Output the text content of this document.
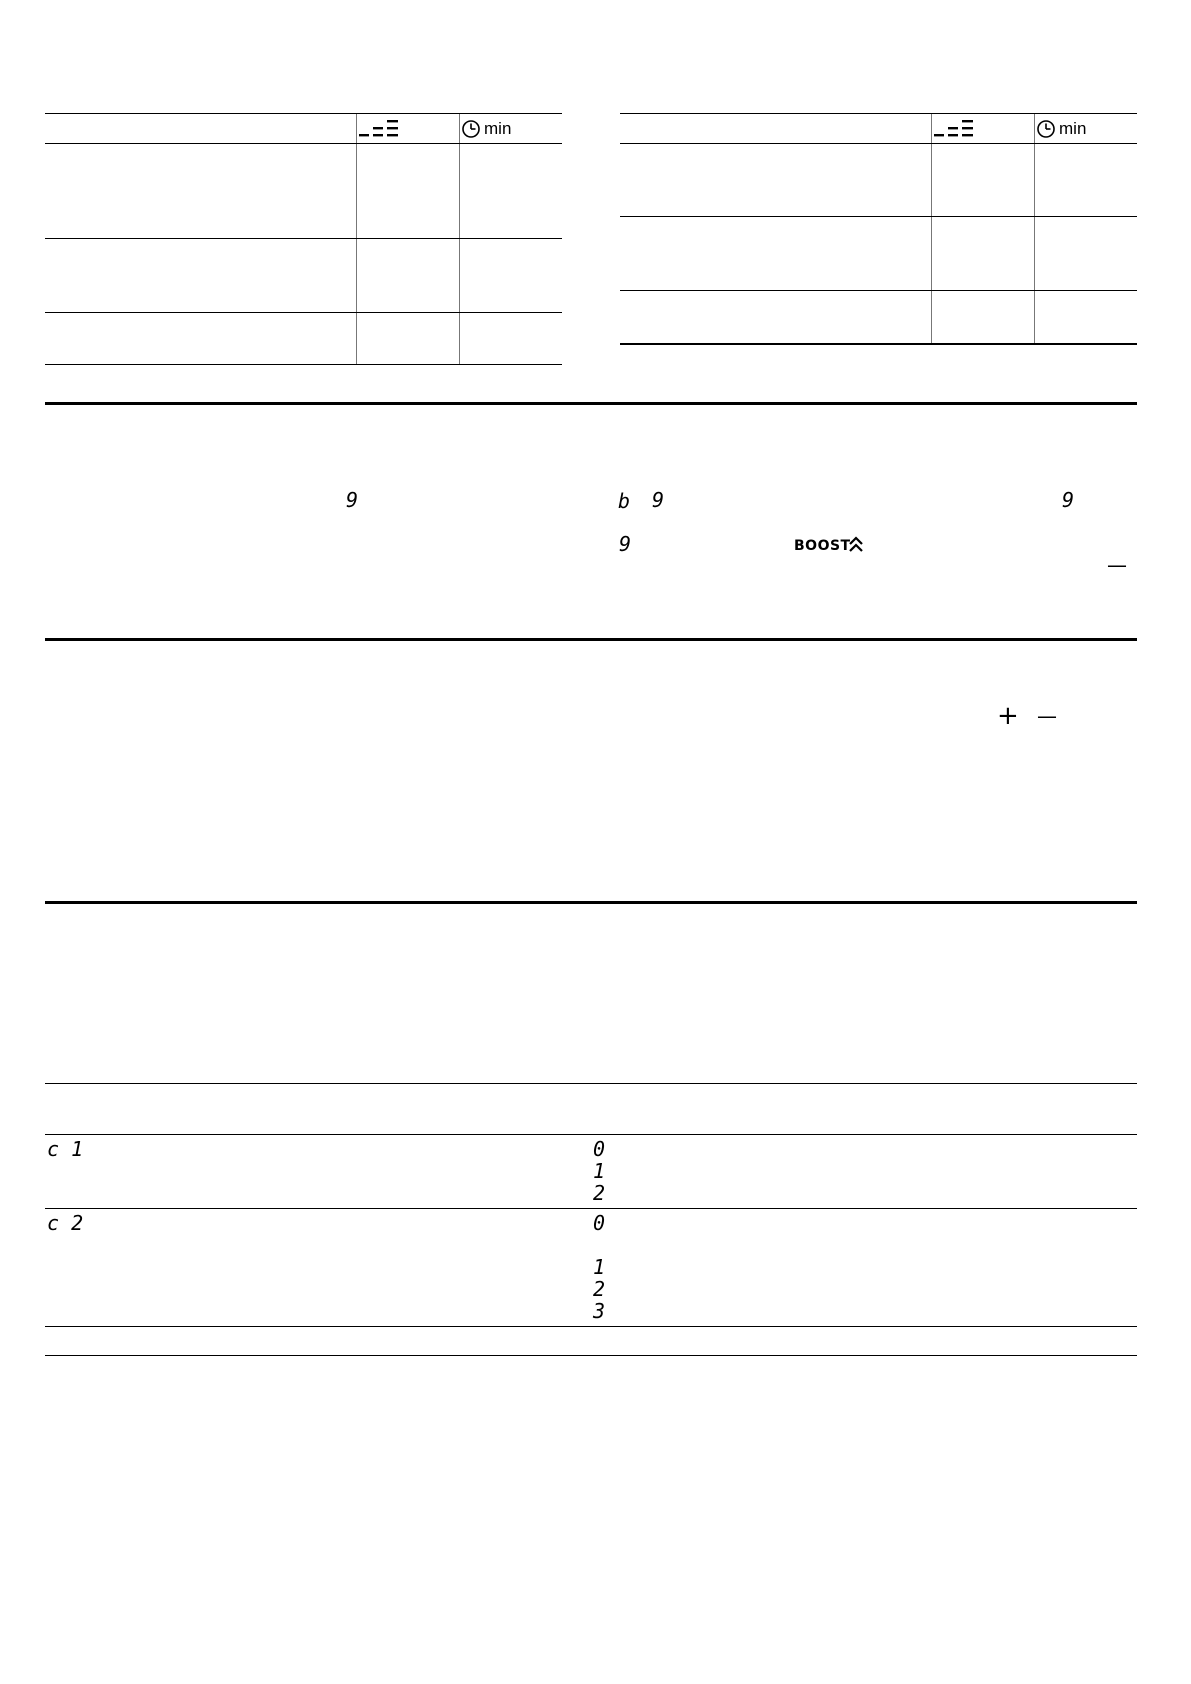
min	min
9	b 9	9
9	BOOST
—
+ —
c 1	0
1
2
c 2	0
1
2
3
